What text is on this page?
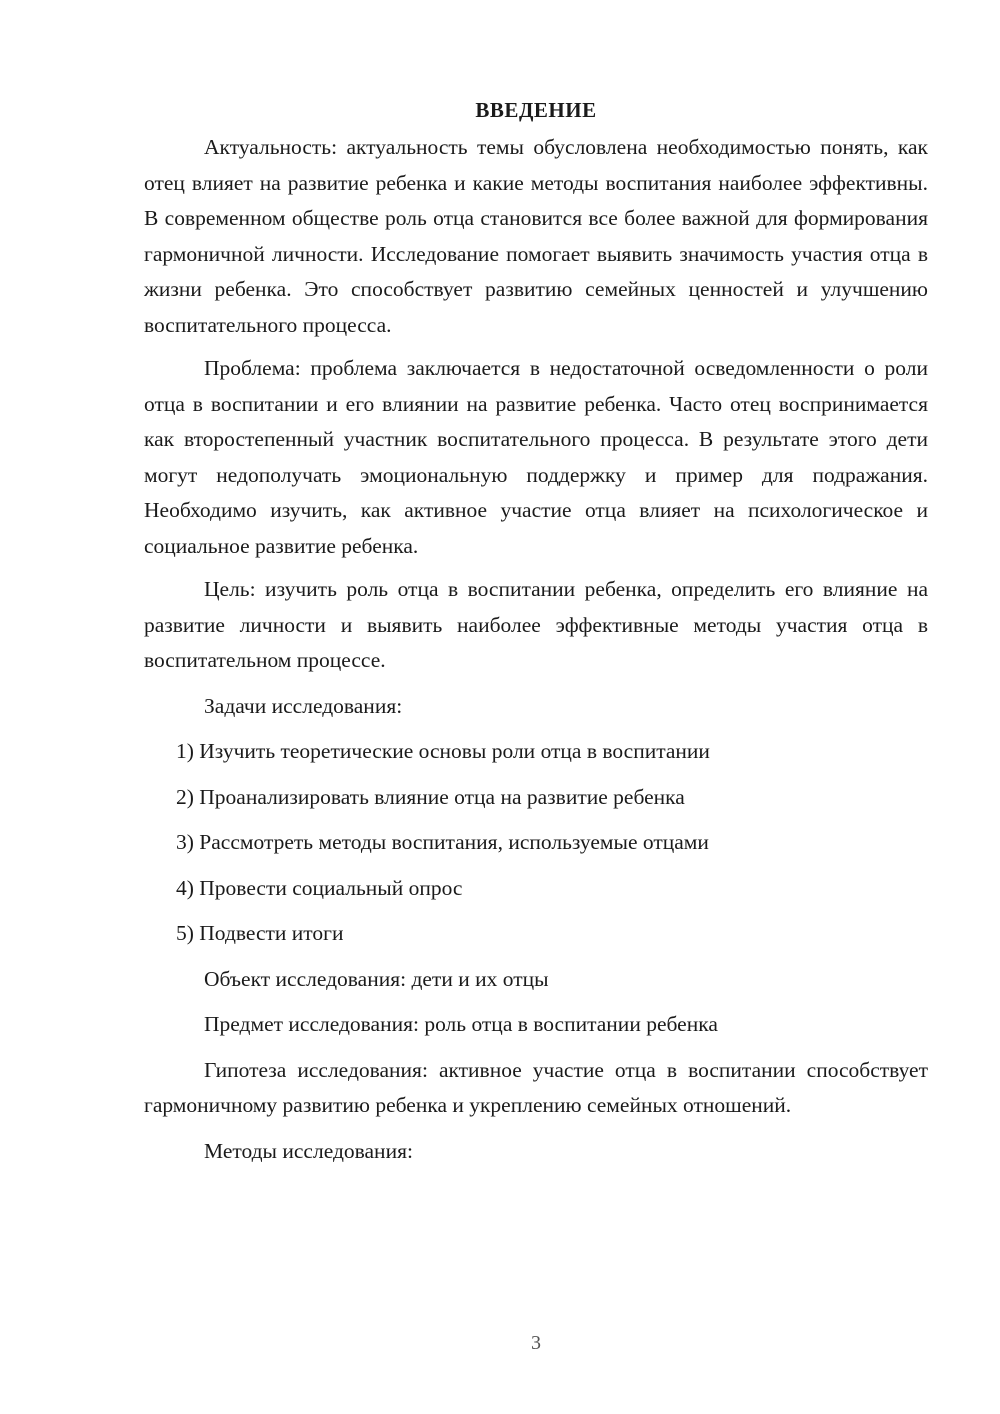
ВВЕДЕНИЕ

Актуальность: актуальность темы обусловлена необходимостью понять, как отец влияет на развитие ребенка и какие методы воспитания наиболее эффективны. В современном обществе роль отца становится все более важной для формирования гармоничной личности. Исследование помогает выявить значимость участия отца в жизни ребенка. Это способствует развитию семейных ценностей и улучшению воспитательного процесса.

Проблема: проблема заключается в недостаточной осведомленности о роли отца в воспитании и его влиянии на развитие ребенка. Часто отец воспринимается как второстепенный участник воспитательного процесса. В результате этого дети могут недополучать эмоциональную поддержку и пример для подражания. Необходимо изучить, как активное участие отца влияет на психологическое и социальное развитие ребенка.

Цель: изучить роль отца в воспитании ребенка, определить его влияние на развитие личности и выявить наиболее эффективные методы участия отца в воспитательном процессе.

Задачи исследования:

1) Изучить теоретические основы роли отца в воспитании

2) Проанализировать влияние отца на развитие ребенка

3) Рассмотреть методы воспитания, используемые отцами

4) Провести социальный опрос

5) Подвести итоги

Объект исследования: дети и их отцы

Предмет исследования: роль отца в воспитании ребенка

Гипотеза исследования: активное участие отца в воспитании способствует гармоничному развитию ребенка и укреплению семейных отношений.

Методы исследования:

3
